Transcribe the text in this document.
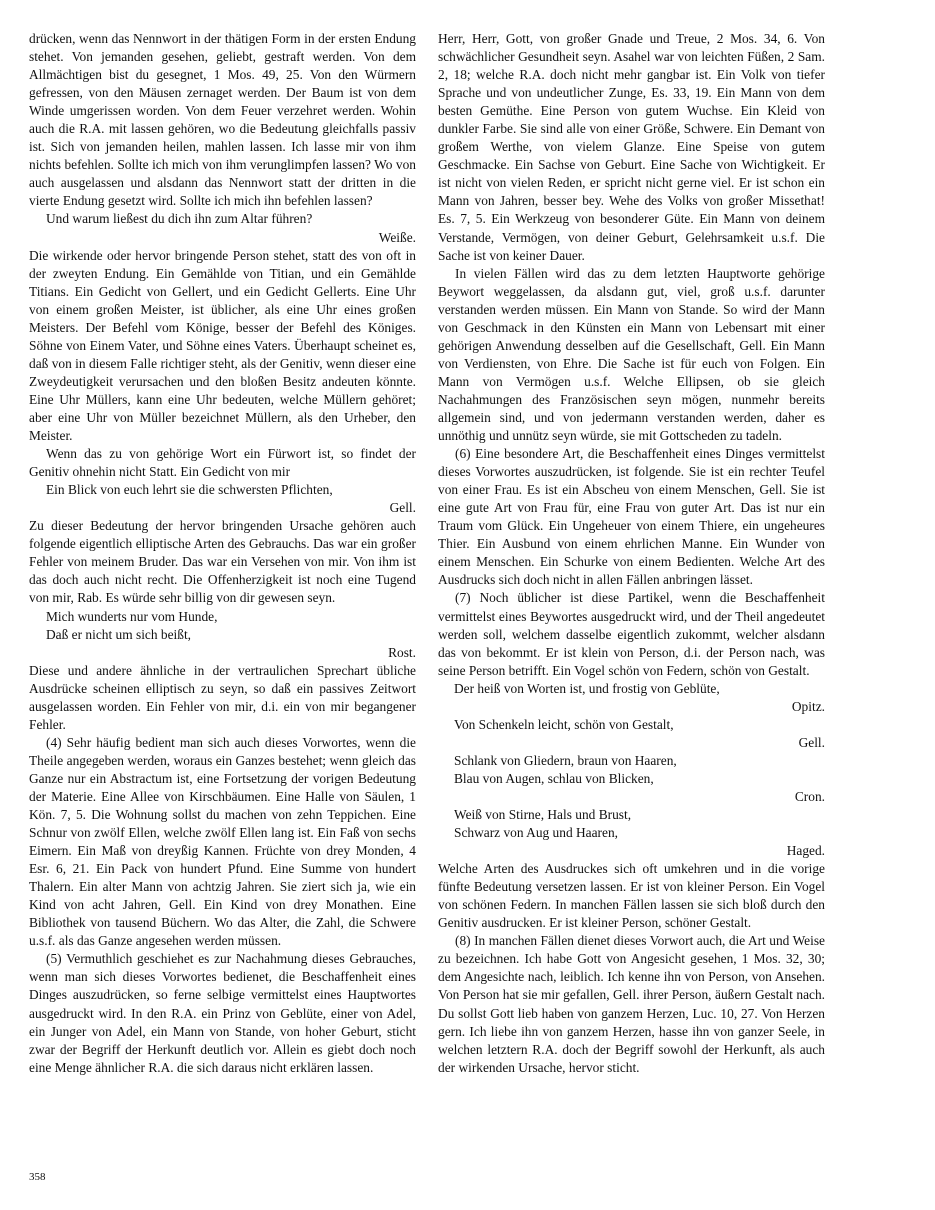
drücken, wenn das Nennwort in der thätigen Form in der ersten Endung stehet. Von jemanden gesehen, geliebt, gestraft werden. Von dem Allmächtigen bist du gesegnet, 1 Mos. 49, 25. Von den Würmern gefressen, von den Mäusen zernaget werden. Der Baum ist von dem Winde umgerissen worden. Von dem Feuer verzehret werden. Wohin auch die R.A. mit lassen gehören, wo die Bedeutung gleichfalls passiv ist. Sich von jemanden heilen, mahlen lassen. Ich lasse mir von ihm nichts befehlen. Sollte ich mich von ihm verunglimpfen lassen? Wo von auch ausgelassen und alsdann das Nennwort statt der dritten in die vierte Endung gesetzt wird. Sollte ich mich ihn befehlen lassen?

Und warum ließest du dich ihn zum Altar führen?

Weiße.

Die wirkende oder hervor bringende Person stehet, statt des von oft in der zweyten Endung. Ein Gemählde von Titian, und ein Gemählde Titians. Ein Gedicht von Gellert, und ein Gedicht Gellerts. Eine Uhr von einem großen Meister, ist üblicher, als eine Uhr eines großen Meisters. Der Befehl vom Könige, besser der Befehl des Königes. Söhne von Einem Vater, und Söhne eines Vaters. Überhaupt scheinet es, daß von in diesem Falle richtiger steht, als der Genitiv, wenn dieser eine Zweydeutigkeit verursachen und den bloßen Besitz andeuten könnte. Eine Uhr Müllers, kann eine Uhr bedeuten, welche Müllern gehöret; aber eine Uhr von Müller bezeichnet Müllern, als den Urheber, den Meister.

Wenn das zu von gehörige Wort ein Fürwort ist, so findet der Genitiv ohnehin nicht Statt. Ein Gedicht von mir

Ein Blick von euch lehrt sie die schwersten Pflichten,

Gell.

Zu dieser Bedeutung der hervor bringenden Ursache gehören auch folgende eigentlich elliptische Arten des Gebrauchs. Das war ein großer Fehler von meinem Bruder. Das war ein Versehen von mir. Von ihm ist das doch auch nicht recht. Die Offenherzigkeit ist noch eine Tugend von mir, Rab. Es würde sehr billig von dir gewesen seyn.

Mich wunderts nur vom Hunde,

Daß er nicht um sich beißt,

Rost.

Diese und andere ähnliche in der vertraulichen Sprechart übliche Ausdrücke scheinen elliptisch zu seyn, so daß ein passives Zeitwort ausgelassen worden. Ein Fehler von mir, d.i. ein von mir begangener Fehler.

(4) Sehr häufig bedient man sich auch dieses Vorwortes, wenn die Theile angegeben werden, woraus ein Ganzes bestehet; wenn gleich das Ganze nur ein Abstractum ist, eine Fortsetzung der vorigen Bedeutung der Materie. Eine Allee von Kirschbäumen. Eine Halle von Säulen, 1 Kön. 7, 5. Die Wohnung sollst du machen von zehn Teppichen. Eine Schnur von zwölf Ellen, welche zwölf Ellen lang ist. Ein Faß von sechs Eimern. Ein Maß von dreyßig Kannen. Früchte von drey Monden, 4 Esr. 6, 21. Ein Pack von hundert Pfund. Eine Summe von hundert Thalern. Ein alter Mann von achtzig Jahren. Sie ziert sich ja, wie ein Kind von acht Jahren, Gell. Ein Kind von drey Monathen. Eine Bibliothek von tausend Büchern. Wo das Alter, die Zahl, die Schwere u.s.f. als das Ganze angesehen werden müssen.

(5) Vermuthlich geschiehet es zur Nachahmung dieses Gebrauches, wenn man sich dieses Vorwortes bedienet, die Beschaffenheit eines Dinges auszudrücken, so ferne selbige vermittelst eines Hauptwortes ausgedruckt wird. In den R.A. ein Prinz von Geblüte, einer von Adel, ein Junger von Adel, ein Mann von Stande, von hoher Geburt, sticht zwar der Begriff der Herkunft deutlich vor. Allein es giebt doch noch eine Menge ähnlicher R.A. die sich daraus nicht erklären lassen.

Herr, Herr, Gott, von großer Gnade und Treue, 2 Mos. 34, 6. Von schwächlicher Gesundheit seyn. Asahel war von leichten Füßen, 2 Sam. 2, 18; welche R.A. doch nicht mehr gangbar ist. Ein Volk von tiefer Sprache und von undeutlicher Zunge, Es. 33, 19. Ein Mann von dem besten Gemüthe. Eine Person von gutem Wuchse. Ein Kleid von dunkler Farbe. Sie sind alle von einer Größe, Schwere. Ein Demant von großem Werthe, von vielem Glanze. Eine Speise von gutem Geschmacke. Ein Sachse von Geburt. Eine Sache von Wichtigkeit. Er ist nicht von vielen Reden, er spricht nicht gerne viel. Er ist schon ein Mann von Jahren, besser bey. Wehe des Volks von großer Missethat! Es. 7, 5. Ein Werkzeug von besonderer Güte. Ein Mann von deinem Verstande, Vermögen, von deiner Geburt, Gelehrsamkeit u.s.f. Die Sache ist von keiner Dauer.

In vielen Fällen wird das zu dem letzten Hauptworte gehörige Beywort weggelassen, da alsdann gut, viel, groß u.s.f. darunter verstanden werden müssen. Ein Mann von Stande. So wird der Mann von Geschmack in den Künsten ein Mann von Lebensart mit einer gehörigen Anwendung desselben auf die Gesellschaft, Gell. Ein Mann von Verdiensten, von Ehre. Die Sache ist für euch von Folgen. Ein Mann von Vermögen u.s.f. Welche Ellipsen, ob sie gleich Nachahmungen des Französischen seyn mögen, nunmehr bereits allgemein sind, und von jedermann verstanden werden, daher es unnöthig und unnütz seyn würde, sie mit Gottscheden zu tadeln.

(6) Eine besondere Art, die Beschaffenheit eines Dinges vermittelst dieses Vorwortes auszudrücken, ist folgende. Sie ist ein rechter Teufel von einer Frau. Es ist ein Abscheu von einem Menschen, Gell. Sie ist eine gute Art von Frau für, eine Frau von guter Art. Das ist nur ein Traum vom Glück. Ein Ungeheuer von einem Thiere, ein ungeheures Thier. Ein Ausbund von einem ehrlichen Manne. Ein Wunder von einem Menschen. Ein Schurke von einem Bedienten. Welche Art des Ausdrucks sich doch nicht in allen Fällen anbringen lässet.

(7) Noch üblicher ist diese Partikel, wenn die Beschaffenheit vermittelst eines Beywortes ausgedruckt wird, und der Theil angedeutet werden soll, welchem dasselbe eigentlich zukommt, welcher alsdann das von bekommt. Er ist klein von Person, d.i. der Person nach, was seine Person betrifft. Ein Vogel schön von Federn, schön von Gestalt.

Der heiß von Worten ist, und frostig von Geblüte,

Opitz.

Von Schenkeln leicht, schön von Gestalt,

Gell.

Schlank von Gliedern, braun von Haaren,

Blau von Augen, schlau von Blicken,

Cron.

Weiß von Stirne, Hals und Brust,

Schwarz von Aug und Haaren,

Haged.

Welche Arten des Ausdruckes sich oft umkehren und in die vorige fünfte Bedeutung versetzen lassen. Er ist von kleiner Person. Ein Vogel von schönen Federn. In manchen Fällen lassen sie sich bloß durch den Genitiv ausdrucken. Er ist kleiner Person, schöner Gestalt.

(8) In manchen Fällen dienet dieses Vorwort auch, die Art und Weise zu bezeichnen. Ich habe Gott von Angesicht gesehen, 1 Mos. 32, 30; dem Angesichte nach, leiblich. Ich kenne ihn von Person, von Ansehen. Von Person hat sie mir gefallen, Gell. ihrer Person, äußern Gestalt nach. Du sollst Gott lieb haben von ganzem Herzen, Luc. 10, 27. Von Herzen gern. Ich liebe ihn von ganzem Herzen, hasse ihn von ganzer Seele, in welchen letztern R.A. doch der Begriff sowohl der Herkunft, als auch der wirkenden Ursache, hervor sticht.

358
